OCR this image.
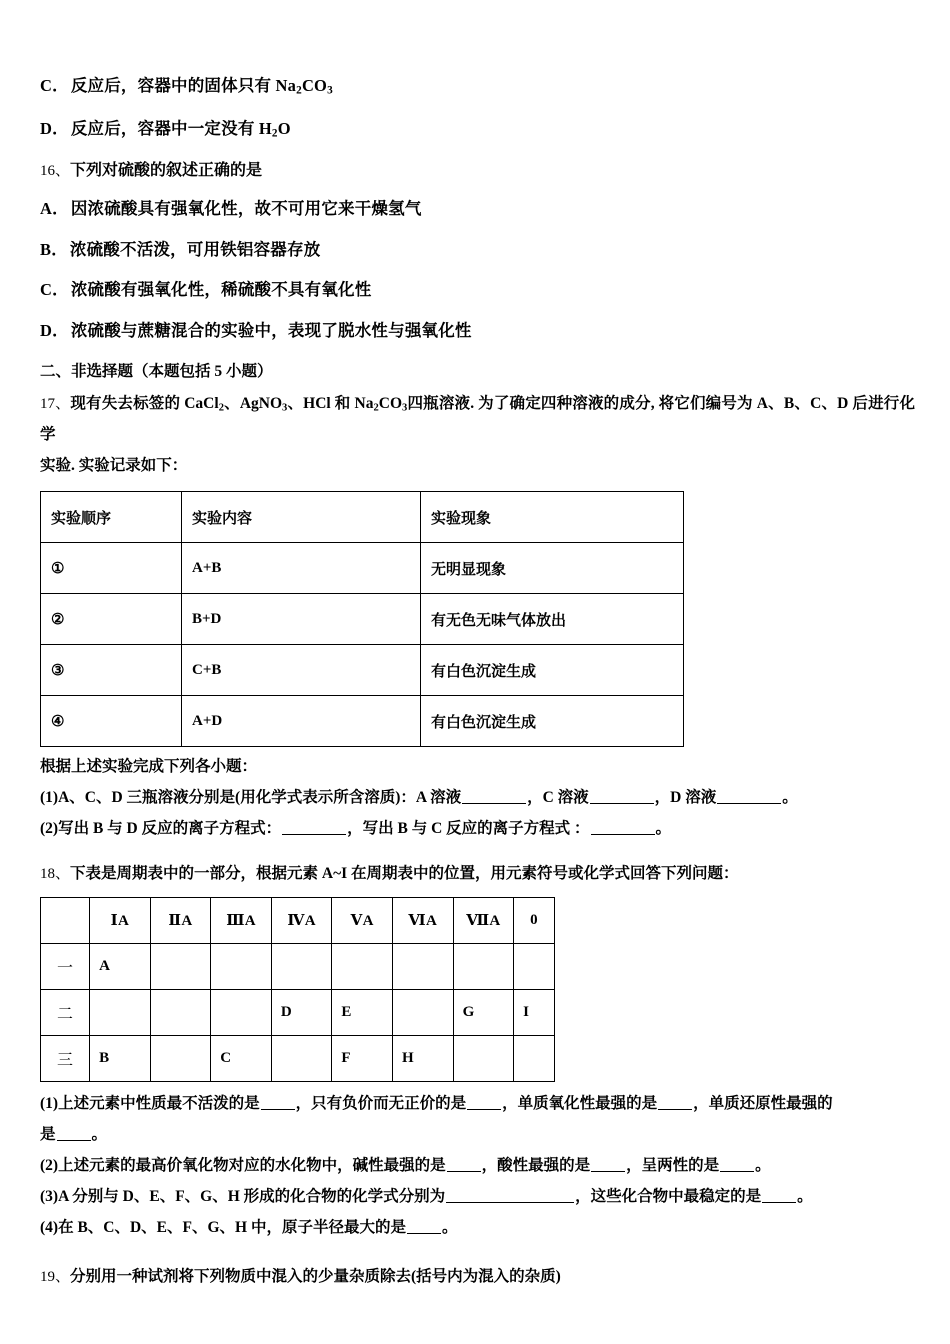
C． 反应后，容器中的固体只有 $Na_2CO_3$

D． 反应后，容器中一定没有 $H_2O$

16、下列对硫酸的叙述正确的是

A． 因浓硫酸具有强氧化性，故不可用它来干燥氢气

B． 浓硫酸不活泼，可用铁铝容器存放

C． 浓硫酸有强氧化性，稀硫酸不具有氧化性

D． 浓硫酸与蔗糖混合的实验中，表现了脱水性与强氧化性

二、非选择题（本题包括 5 小题）

17、现有失去标签的 CaCl$_2$、AgNO$_3$、HCl 和 $Na_2CO_3$四瓶溶液. 为了确定四种溶液的成分, 将它们编号为 A、B、C、D 后进行化学

实验. 实验记录如下：

实验顺序	实验内容	实验现象
①	A+B	无明显现象
②	B+D	有无色无味气体放出
③	C+B	有白色沉淀生成
④	A+D	有白色沉淀生成

根据上述实验完成下列各小题：

(1)A、C、D 三瓶溶液分别是(用化学式表示所含溶质)：A 溶液	，C 溶液	，D 溶液	。

(2)写出 B 与 D 反应的离子方程式：	，写出 B 与 C 反应的离子方程式 ：	。

18、下表是周期表中的一部分，根据元素 A~I 在周期表中的位置，用元素符号或化学式回答下列问题：

	ⅠA	ⅡA	ⅢA	ⅣA	ⅤA	ⅥA	ⅦA	0
一	A							
二				D	E		G	I
三	B		C		F	H		

(1)上述元素中性质最不活泼的是 ，只有负价而无正价的是 ，单质氧化性最强的是 ，单质还原性最强的

是 。

(2)上述元素的最高价氧化物对应的水化物中，碱性最强的是 ，酸性最强的是 ，呈两性的是 。

(3)A 分别与 D、E、F、G、H 形成的化合物的化学式分别为	，这些化合物中最稳定的是 。

(4)在 B、C、D、E、F、G、H 中，原子半径最大的是 。

19、分别用一种试剂将下列物质中混入的少量杂质除去(括号内为混入的杂质)
